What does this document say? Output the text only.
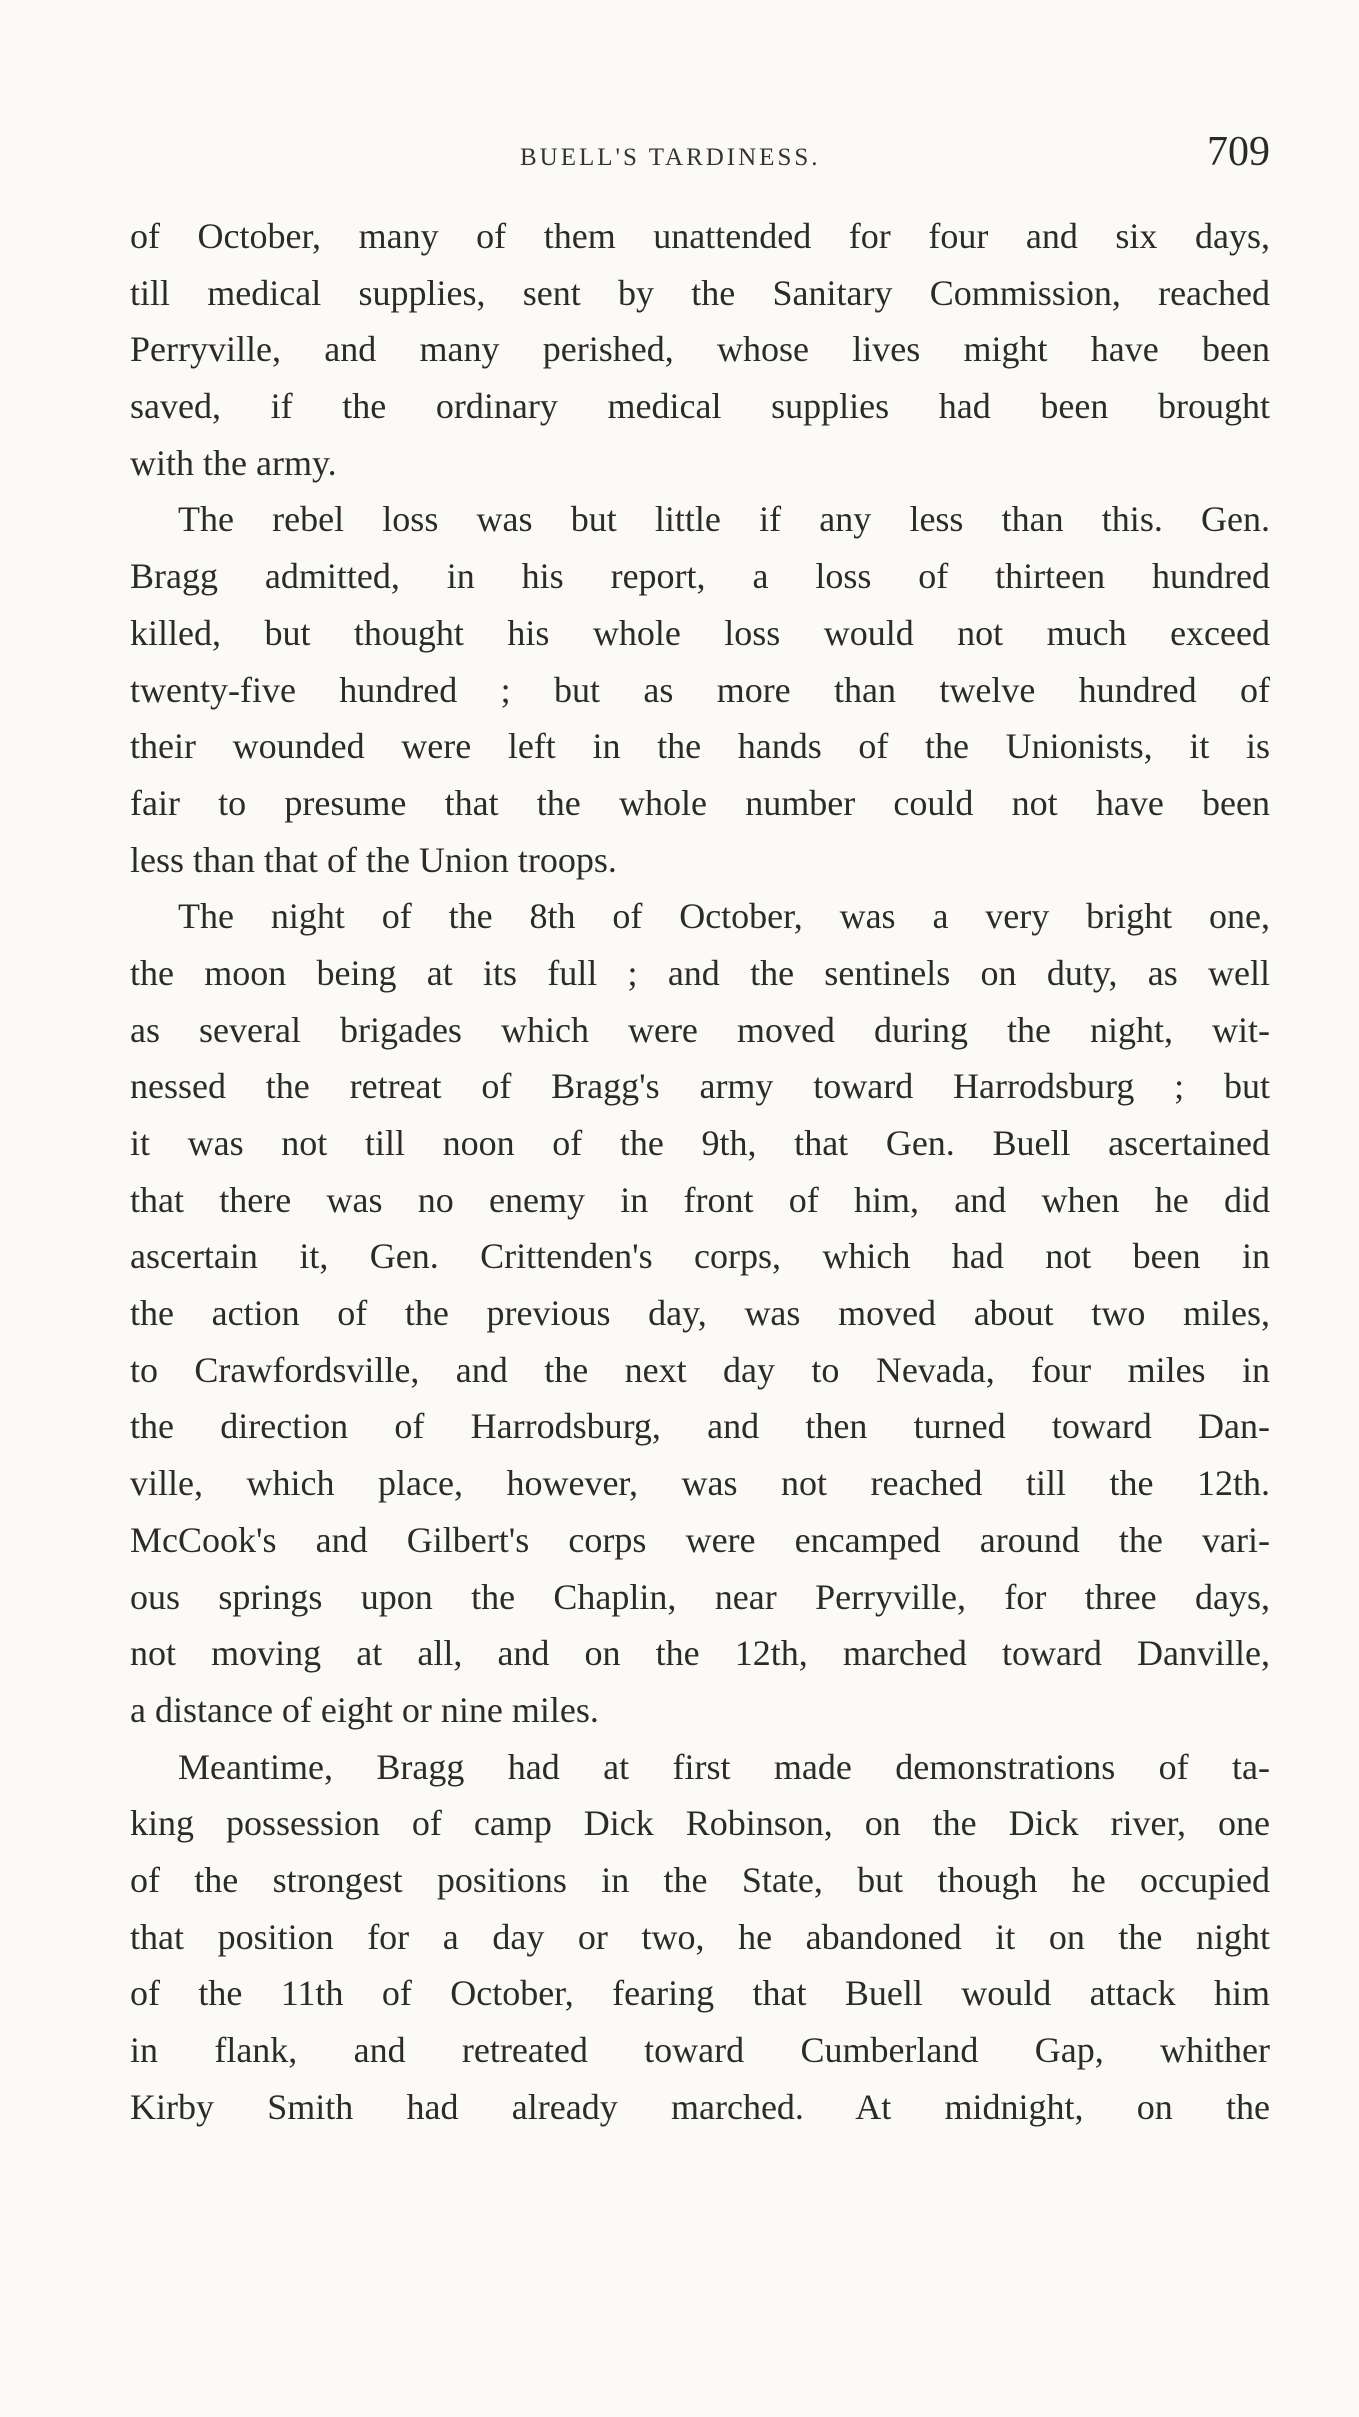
BUELL'S TARDINESS.	709
of October, many of them unattended for four and six days,
till medical supplies, sent by the Sanitary Commission, reached
Perryville, and many perished, whose lives might have been
saved, if the ordinary medical supplies had been brought
with the army.
The rebel loss was but little if any less than this. Gen.
Bragg admitted, in his report, a loss of thirteen hundred
killed, but thought his whole loss would not much exceed
twenty-five hundred ; but as more than twelve hundred of
their wounded were left in the hands of the Unionists, it is
fair to presume that the whole number could not have been
less than that of the Union troops.
The night of the 8th of October, was a very bright one,
the moon being at its full ; and the sentinels on duty, as well
as several brigades which were moved during the night, wit-
nessed the retreat of Bragg's army toward Harrodsburg ; but
it was not till noon of the 9th, that Gen. Buell ascertained
that there was no enemy in front of him, and when he did
ascertain it, Gen. Crittenden's corps, which had not been in
the action of the previous day, was moved about two miles,
to Crawfordsville, and the next day to Nevada, four miles in
the direction of Harrodsburg, and then turned toward Dan-
ville, which place, however, was not reached till the 12th.
McCook's and Gilbert's corps were encamped around the vari-
ous springs upon the Chaplin, near Perryville, for three days,
not moving at all, and on the 12th, marched toward Danville,
a distance of eight or nine miles.
Meantime, Bragg had at first made demonstrations of ta-
king possession of camp Dick Robinson, on the Dick river, one
of the strongest positions in the State, but though he occupied
that position for a day or two, he abandoned it on the night
of the 11th of October, fearing that Buell would attack him
in flank, and retreated toward Cumberland Gap, whither
Kirby Smith had already marched. At midnight, on the
